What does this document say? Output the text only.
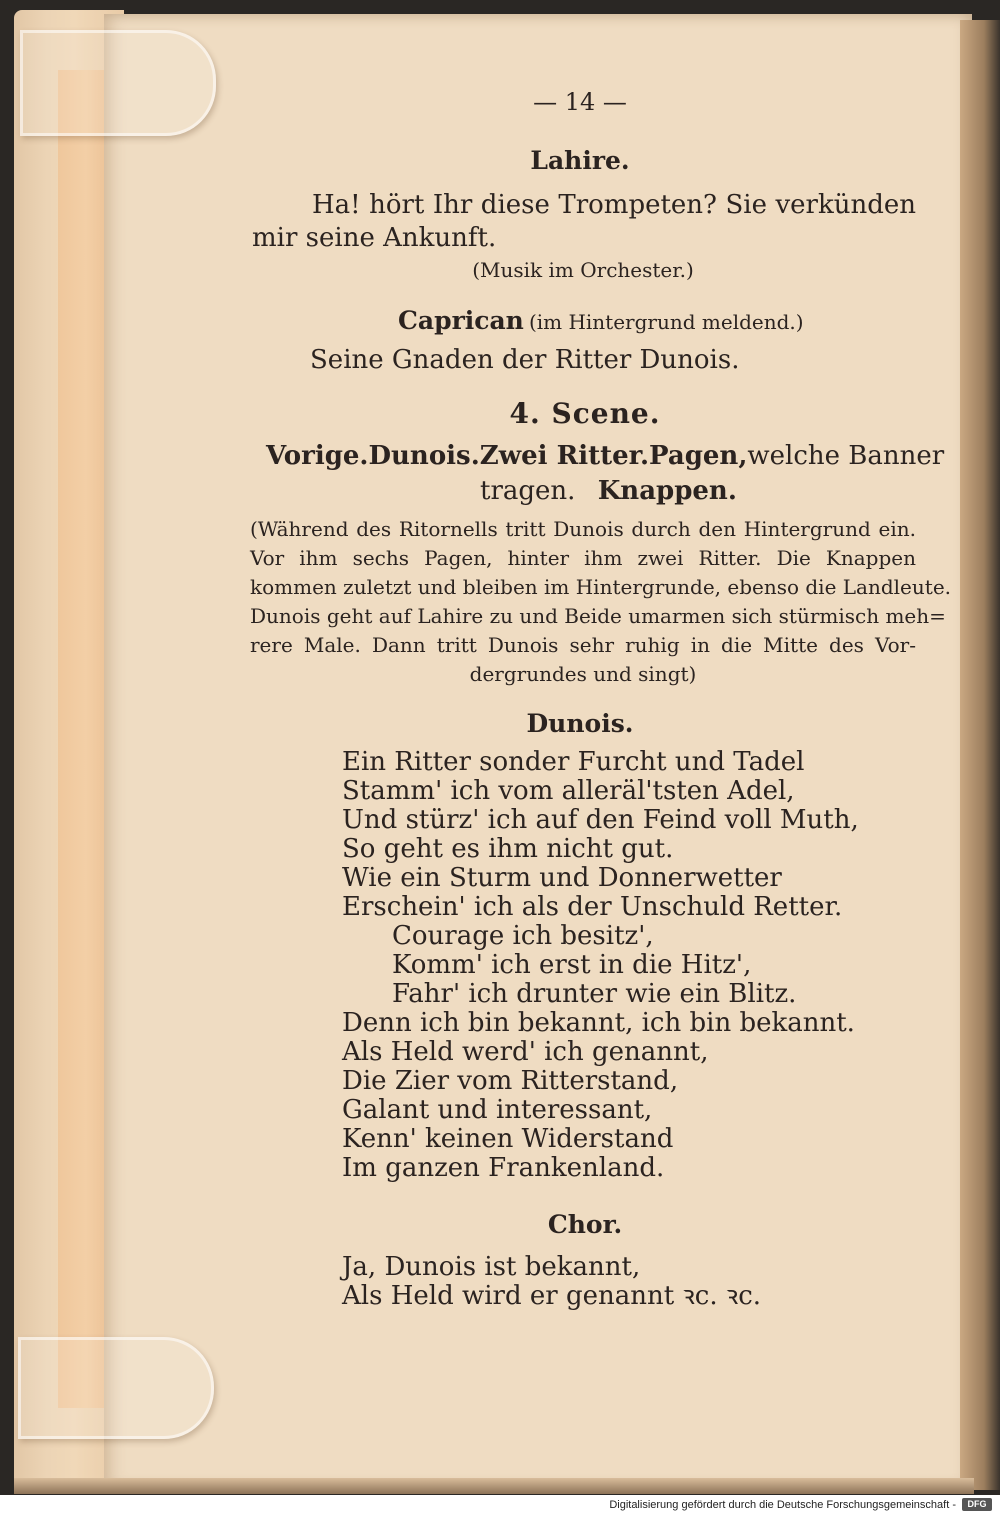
— 14 —
Lahire.
Ha! hört Ihr diese Trompeten? Sie verkünden
mir seine Ankunft.
(Musik im Orchester.)
Caprican (im Hintergrund meldend.)
Seine Gnaden der Ritter Dunois.
4. Scene.
Vorige. Dunois. Zwei Ritter. Pagen, welche Banner
tragen. Knappen.
(Während des Ritornells tritt Dunois durch den Hintergrund ein.
Vor ihm sechs Pagen, hinter ihm zwei Ritter. Die Knappen
kommen zuletzt und bleiben im Hintergrunde, ebenso die Landleute.
Dunois geht auf Lahire zu und Beide umarmen sich stürmisch meh=
rere Male. Dann tritt Dunois sehr ruhig in die Mitte des Vor-
dergrundes und singt)
Dunois.
Ein Ritter sonder Furcht und Tadel
Stamm' ich vom alleräl'tsten Adel,
Und stürz' ich auf den Feind voll Muth,
So geht es ihm nicht gut.
Wie ein Sturm und Donnerwetter
Erschein' ich als der Unschuld Retter.
Courage ich besitz',
Komm' ich erst in die Hitz',
Fahr' ich drunter wie ein Blitz.
Denn ich bin bekannt, ich bin bekannt.
Als Held werd' ich genannt,
Die Zier vom Ritterstand,
Galant und interessant,
Kenn' keinen Widerstand
Im ganzen Frankenland.
Chor.
Ja, Dunois ist bekannt,
Als Held wird er genannt ꝛc. ꝛc.
Digitalisierung gefördert durch die Deutsche Forschungsgemeinschaft -	DFG
